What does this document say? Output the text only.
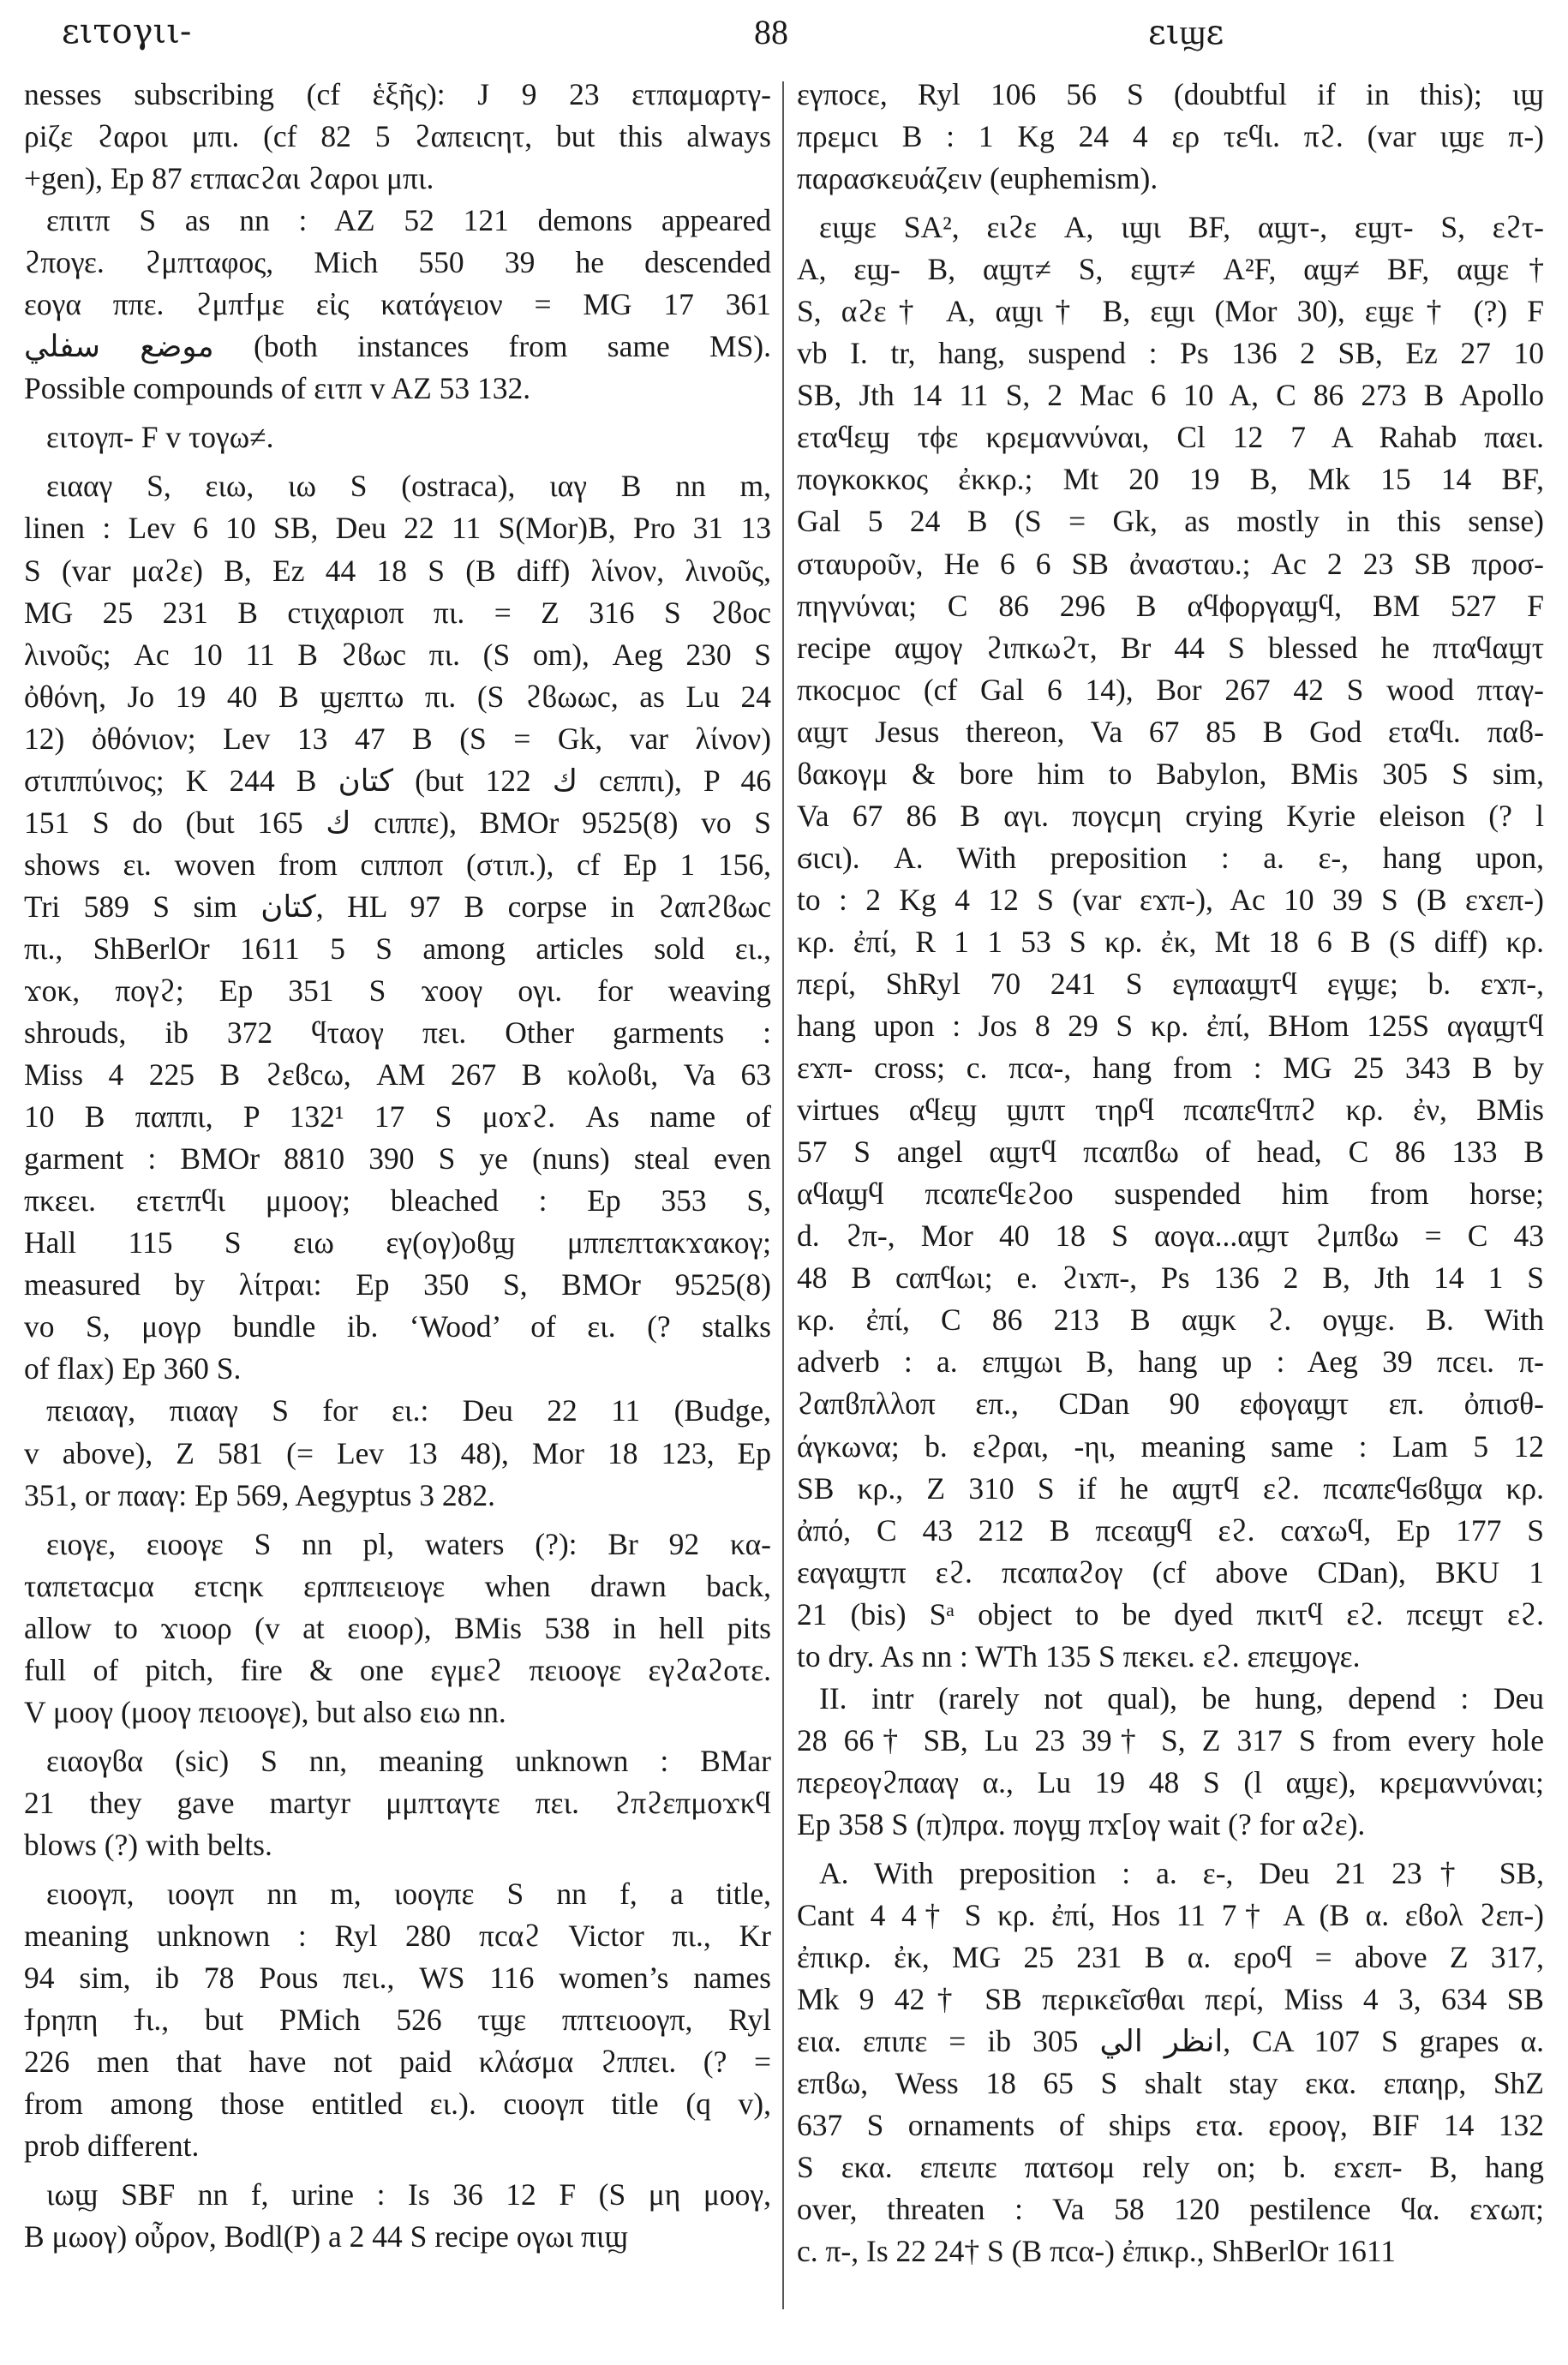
ειτογιι-	88	ειϣε
nesses subscribing (cf ἑξῆς): J 9 23 ετπαμαρτγ-
ρiζε ϩαροι μπι. (cf 82 5 ϩαπειcητ, but this always
+gen), Ep 87 ετπαcϩαι ϩαροι μπι.
επιτπ S as nn : AZ 52 121 demons appeared
ϩπογε. ϩμπταφος, Mich 550 39 he descended
εογα ππε. ϩμπϯμε εἰς κατάγειον = MG 17 361
موضع سفلي (both instances from same MS).
Possible compounds of ειτπ v AZ 53 132.
ειτογπ- F v τογω≠.
ειααγ S, ειω, ιω S (ostraca), ιαγ B nn m,
linen : Lev 6 10 SB, Deu 22 11 S(Mor)B, Pro 31 13
S (var μαϩε) B, Ez 44 18 S (B diff) λίνον, λινοῦς,
MG 25 231 B cτιχαριοπ πι. = Z 316 S ϩϐoc
λινοῦς; Ac 10 11 B ϩϐωc πι. (S om), Aeg 230 S
ὀθόνη, Jo 19 40 B ϣεπτω πι. (S ϩϐωωc, as Lu 24
12) ὀθόνιον; Lev 13 47 B (S = Gk, var λίνον)
στιππύινος; K 244 B كتان (but 122 ك cεππι), P 46
151 S do (but 165 ك cιππε), BMOr 9525(8) vo S
shows ει. woven from cιππoπ (στιπ.), cf Ep 1 156,
Tri 589 S sim كتان, HL 97 B corpse in ϩαπϩϐωc
πι., ShBerlOr 1611 5 S among articles sold ει.,
ϫοκ, πογϩ; Ep 351 S ϫοογ ογι. for weaving
shrouds, ib 372 ϥταογ πει. Other garments :
Miss 4 225 B ϩεϐcω, AM 267 B κολοϐι, Va 63
10 B παππι, P 132¹ 17 S μοϫϩ. As name of
garment : BMOr 8810 390 S ye (nuns) steal even
πκεει. ετετπϥι μμοογ; bleached : Ep 353 S,
Hall 115 S ειω εγ(ογ)οϐϣ μππεπτακϫακογ;
measured by λίτραι: Ep 350 S, BMOr 9525(8)
vo S, μογρ bundle ib. ‘Wood’ of ει. (? stalks
of flax) Ep 360 S.
πειααγ, πιααγ S for ει.: Deu 22 11 (Budge,
v above), Z 581 (= Lev 13 48), Mor 18 123, Ep
351, or πααγ: Ep 569, Aegyptus 3 282.
ειογε, ειοογε S nn pl, waters (?): Br 92 κα-
ταπεταcμα ετcηκ ερππειειογε when drawn back,
allow to ϫιοορ (v at ειοορ), BMis 538 in hell pits
full of pitch, fire & one εγμεϩ πειοογε εγϩαϩοτε.
V μοογ (μοογ πειοογε), but also ειω nn.
ειαογϐα (sic) S nn, meaning unknown : BMar
21 they gave martyr μμπταγτε πει. ϩπϩεπμοϫκϥ
blows (?) with belts.
ειοογπ, ιοογπ nn m, ιοογπε S nn f, a title,
meaning unknown : Ryl 280 πcαϩ Victor πι., Kr
94 sim, ib 78 Pous πει., WS 116 women’s names
ϯρηπη ϯι., but PMich 526 τϣε ππτειοογπ, Ryl
226 men that have not paid κλάσμα ϩππει. (? =
from among those entitled ει.). cιοογπ title (q v),
prob different.
ιωϣ SBF nn f, urine : Is 36 12 F (S μη μοογ,
B μωογ) οὖρον, Bodl(P) a 2 44 S recipe ογωι πιϣ
εγποcε, Ryl 106 56 S (doubtful if in this); ιϣ
πρεμcι B : 1 Kg 24 4 ερ τεϥι. πϩ. (var ιϣε π-)
παρασκευάζειν (euphemism).
ειϣε SA², ειϩε A, ιϣι BF, αϣτ-, εϣτ- S, εϩτ-
A, εϣ- B, αϣτ≠ S, εϣτ≠ A²F, αϣ≠ BF, αϣε†
S, αϩε† A, αϣι† B, εϣι (Mor 30), εϣε† (?) F
vb I. tr, hang, suspend : Ps 136 2 SB, Ez 27 10
SB, Jth 14 11 S, 2 Mac 6 10 A, C 86 273 B Apollo
εταϥεϣ τϕε κρεμαννύναι, Cl 12 7 A Rahab παει.
πογκοκκος ἐκκρ.; Mt 20 19 B, Mk 15 14 BF,
Gal 5 24 B (S = Gk, as mostly in this sense)
σταυροῦν, He 6 6 SB ἀνασταυ.; Ac 2 23 SB προσ-
πηγνύναι; C 86 296 B αϥϕοργαϣϥ, BM 527 F
recipe αϣογ ϩιπκωϩτ, Br 44 S blessed he πταϥαϣτ
πκοcμοc (cf Gal 6 14), Bor 267 42 S wood πταγ-
αϣτ Jesus thereon, Va 67 85 B God εταϥι. παϐ-
ϐακογμ & bore him to Babylon, BMis 305 S sim,
Va 67 86 B αγι. πογcμη crying Kyrie eleison (? l
ϭιcι). A. With preposition : a. ε-, hang upon,
to : 2 Kg 4 12 S (var εϫπ-), Ac 10 39 S (B εϫεπ-)
κρ. ἐπί, R 1 1 53 S κρ. ἐκ, Mt 18 6 B (S diff) κρ.
περί, ShRyl 70 241 S εγπααϣτϥ εγϣε; b. εϫπ-,
hang upon : Jos 8 29 S κρ. ἐπί, BHom 125S αγαϣτϥ
εϫπ- cross; c. πcα-, hang from : MG 25 343 B by
virtues αϥεϣ ϣιπτ τηρϥ πcαπεϥτπϩ κρ. ἐν, BMis
57 S angel αϣτϥ πcαπϐω of head, C 86 133 B
αϥαϣϥ πcαπεϥεϩοο suspended him from horse;
d. ϩπ-, Mor 40 18 S αογα...αϣτ ϩμπϐω = C 43
48 B cαπϥωι; e. ϩιϫπ-, Ps 136 2 B, Jth 14 1 S
κρ. ἐπί, C 86 213 B αϣκ ϩ. ογϣε. B. With
adverb : a. επϣωι B, hang up : Aeg 39 πcει. π-
ϩαπϐπλλοπ επ., CDan 90 εϕογαϣτ επ. ὀπισθ-
άγκωνα; b. εϩραι, -ηι, meaning same : Lam 5 12
SB κρ., Z 310 S if he αϣτϥ εϩ. πcαπεϥϭϐϣα κρ.
ἀπό, C 43 212 B πcεαϣϥ εϩ. cαϫωϥ, Ep 177 S
εαγαϣτπ εϩ. πcαπαϩογ (cf above CDan), BKU 1
21 (bis) Sᵃ object to be dyed πκιτϥ εϩ. πcεϣτ εϩ.
to dry. As nn : WTh 135 S πεκει. εϩ. επεϣογε.
II. intr (rarely not qual), be hung, depend : Deu
28 66† SB, Lu 23 39† S, Z 317 S from every hole
περεογϩπααγ α., Lu 19 48 S (l αϣε), κρεμαννύναι;
Ep 358 S (π)πρα. πογϣ πϫ[ογ wait (? for αϩε).
A. With preposition : a. ε-, Deu 21 23† SB,
Cant 4 4† S κρ. ἐπί, Hos 11 7† A (B α. εϐολ ϩεπ-)
ἐπικρ. ἐκ, MG 25 231 B α. εροϥ = above Z 317,
Mk 9 42† SB περικεῖσθαι περί, Miss 4 3, 634 SB
εια. επιπε = ib 305 انظر الي, CA 107 S grapes α.
επϐω, Wess 18 65 S shalt stay εκα. επαηρ, ShZ
637 S ornaments of ships ετα. εροογ, BIF 14 132
S εκα. επειπε πατϭομ rely on; b. εϫεπ- B, hang
over, threaten : Va 58 120 pestilence ϥα. εϫωπ;
c. π-, Is 22 24† S (B πcα-) ἐπικρ., ShBerlOr 1611
